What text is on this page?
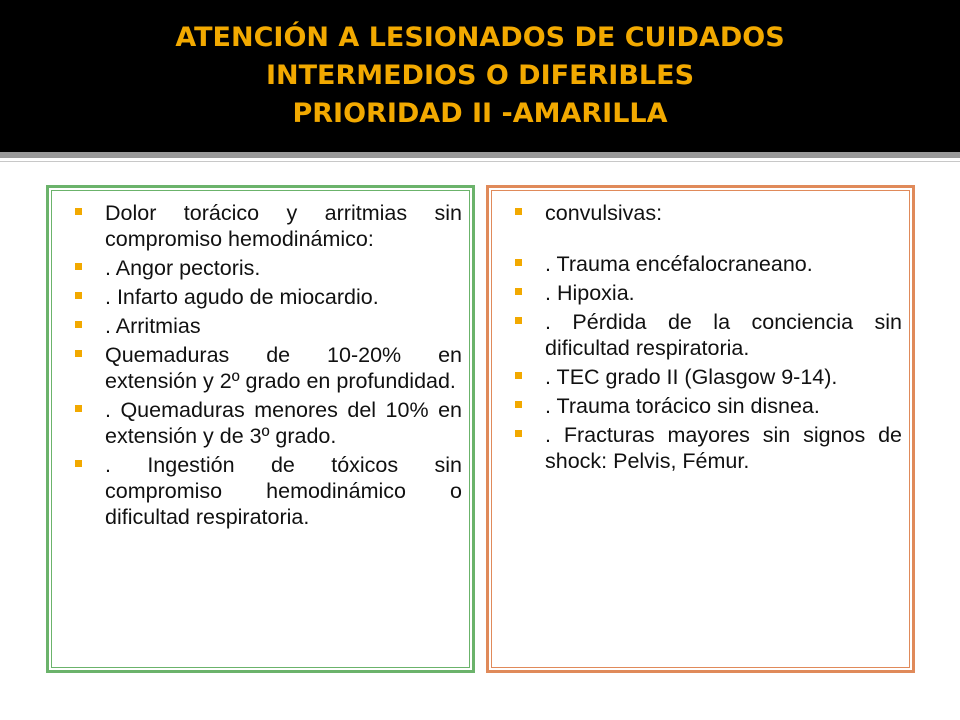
ATENCIÓN A LESIONADOS DE CUIDADOS
INTERMEDIOS O DIFERIBLES
PRIORIDAD II -AMARILLA
Dolor torácico y arritmias sin compromiso hemodinámico:
. Angor pectoris.
. Infarto agudo de miocardio.
. Arritmias
Quemaduras de 10-20% en extensión y 2º grado en profundidad.
. Quemaduras menores del 10% en extensión y de 3º grado.
. Ingestión de tóxicos sin compromiso hemodinámico o dificultad respiratoria.
convulsivas:
. Trauma encéfalocraneano.
. Hipoxia.
. Pérdida de la conciencia sin dificultad respiratoria.
. TEC grado II (Glasgow 9-14).
. Trauma torácico sin disnea.
. Fracturas mayores sin signos de shock: Pelvis, Fémur.
